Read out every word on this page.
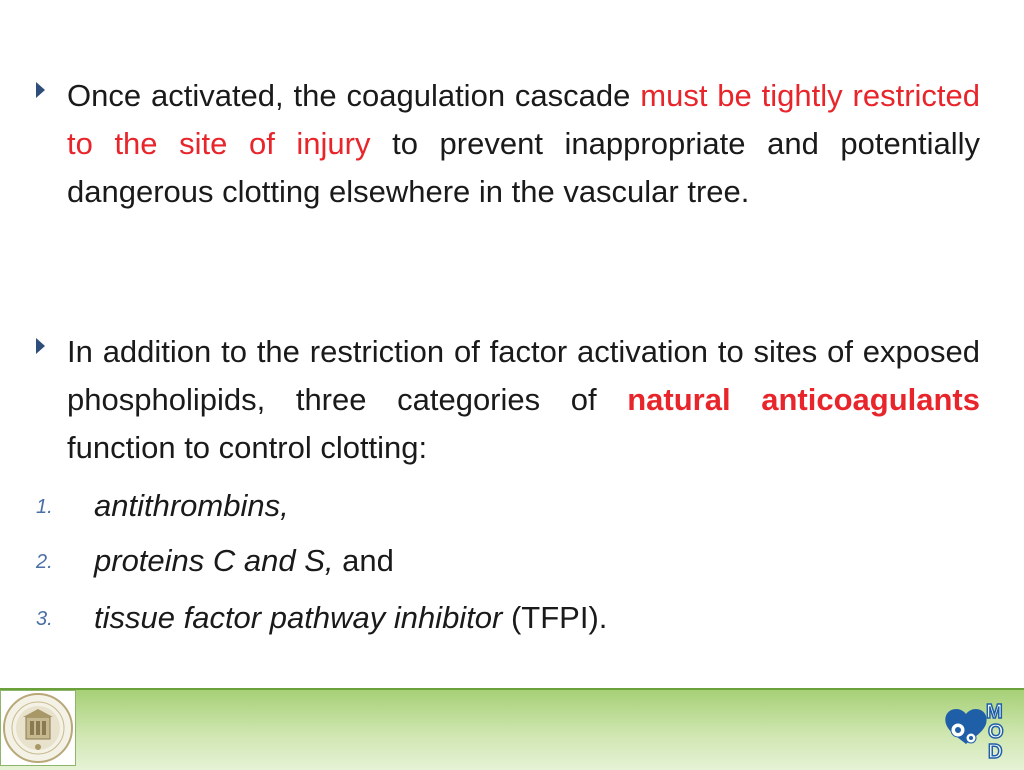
Once activated, the coagulation cascade must be tightly restricted to the site of injury to prevent inappropriate and potentially dangerous clotting elsewhere in the vascular tree.
In addition to the restriction of factor activation to sites of exposed phospholipids, three categories of natural anticoagulants function to control clotting:
1. antithrombins,
2. proteins C and S, and
3. tissue factor pathway inhibitor (TFPI).
M
O
D
